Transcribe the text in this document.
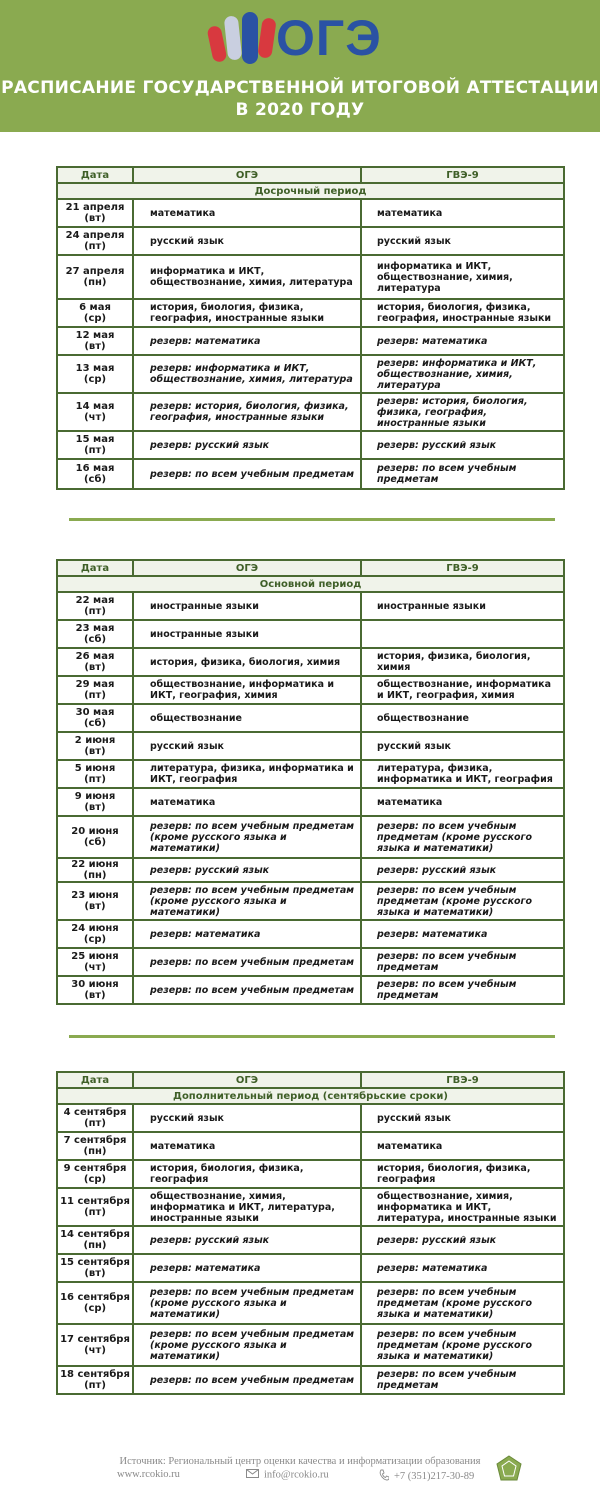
ОГЭ
РАСПИСАНИЕ ГОСУДАРСТВЕННОЙ ИТОГОВОЙ АТТЕСТАЦИИ
В 2020 ГОДУ
Дата	ОГЭ	ГВЭ-9
Досрочный период		

21 апреля
(вт)	математика	математика

24 апреля
(пт)	русский язык	русский язык

27 апреля
(пн)	информатика и ИКТ, обществознание, химия, литература	информатика и ИКТ, обществознание, химия, литература

6 мая
(ср)	история, биология, физика, география, иностранные языки	история, биология, физика, география, иностранные языки

12 мая
(вт)	резерв: математика	резерв: математика

13 мая
(ср)	резерв: информатика и ИКТ, обществознание, химия, литература	резерв: информатика и ИКТ, обществознание, химия, литература

14 мая
(чт)	резерв: история, биология, физика, география, иностранные языки	резерв: история, биология, физика, география, иностранные языки

15 мая
(пт)	резерв: русский язык	резерв: русский язык

16 мая
(сб)	резерв: по всем учебным предметам	резерв: по всем учебным предметам
Дата	ОГЭ	ГВЭ-9
Основной период		

22 мая
(пт)	иностранные языки	иностранные языки

23 мая
(сб)	иностранные языки	

26 мая
(вт)	история, физика, биология, химия	история, физика, биология, химия

29 мая
(пт)	обществознание, информатика и ИКТ, география, химия	обществознание, информатика и ИКТ, география, химия

30 мая
(сб)	обществознание	обществознание

2 июня
(вт)	русский язык	русский язык

5 июня
(пт)	литература, физика, информатика и ИКТ, география	литература, физика, информатика и ИКТ, география

9 июня
(вт)	математика	математика

20 июня
(сб)	резерв: по всем учебным предметам (кроме русского языка и математики)	резерв: по всем учебным предметам (кроме русского языка и математики)

22 июня
(пн)	резерв: русский язык	резерв: русский язык

23 июня
(вт)	резерв: по всем учебным предметам (кроме русского языка и математики)	резерв: по всем учебным предметам (кроме русского языка и математики)

24 июня
(ср)	резерв: математика	резерв: математика

25 июня
(чт)	резерв: по всем учебным предметам	резерв: по всем учебным предметам

30 июня
(вт)	резерв: по всем учебным предметам	резерв: по всем учебным предметам
Дата	ОГЭ	ГВЭ-9
Дополнительный период (сентябрьские сроки)		

4 сентября
(пт)	русский язык	русский язык

7 сентября
(пн)	математика	математика

9 сентября
(ср)	история, биология, физика, география	история, биология, физика, география

11 сентября
(пт)	обществознание, химия, информатика и ИКТ, литература, иностранные языки	обществознание, химия, информатика и ИКТ, литература, иностранные языки

14 сентября
(пн)	резерв: русский язык	резерв: русский язык

15 сентября
(вт)	резерв: математика	резерв: математика

16 сентября
(ср)	резерв: по всем учебным предметам (кроме русского языка и математики)	резерв: по всем учебным предметам (кроме русского языка и математики)

17 сентября
(чт)	резерв: по всем учебным предметам (кроме русского языка и математики)	резерв: по всем учебным предметам (кроме русского языка и математики)

18 сентября
(пт)	резерв: по всем учебным предметам	резерв: по всем учебным предметам
Источник: Региональный центр оценки качества и информатизации образования
www.rcokio.ru	info@rcokio.ru	+7 (351)217-30-89
